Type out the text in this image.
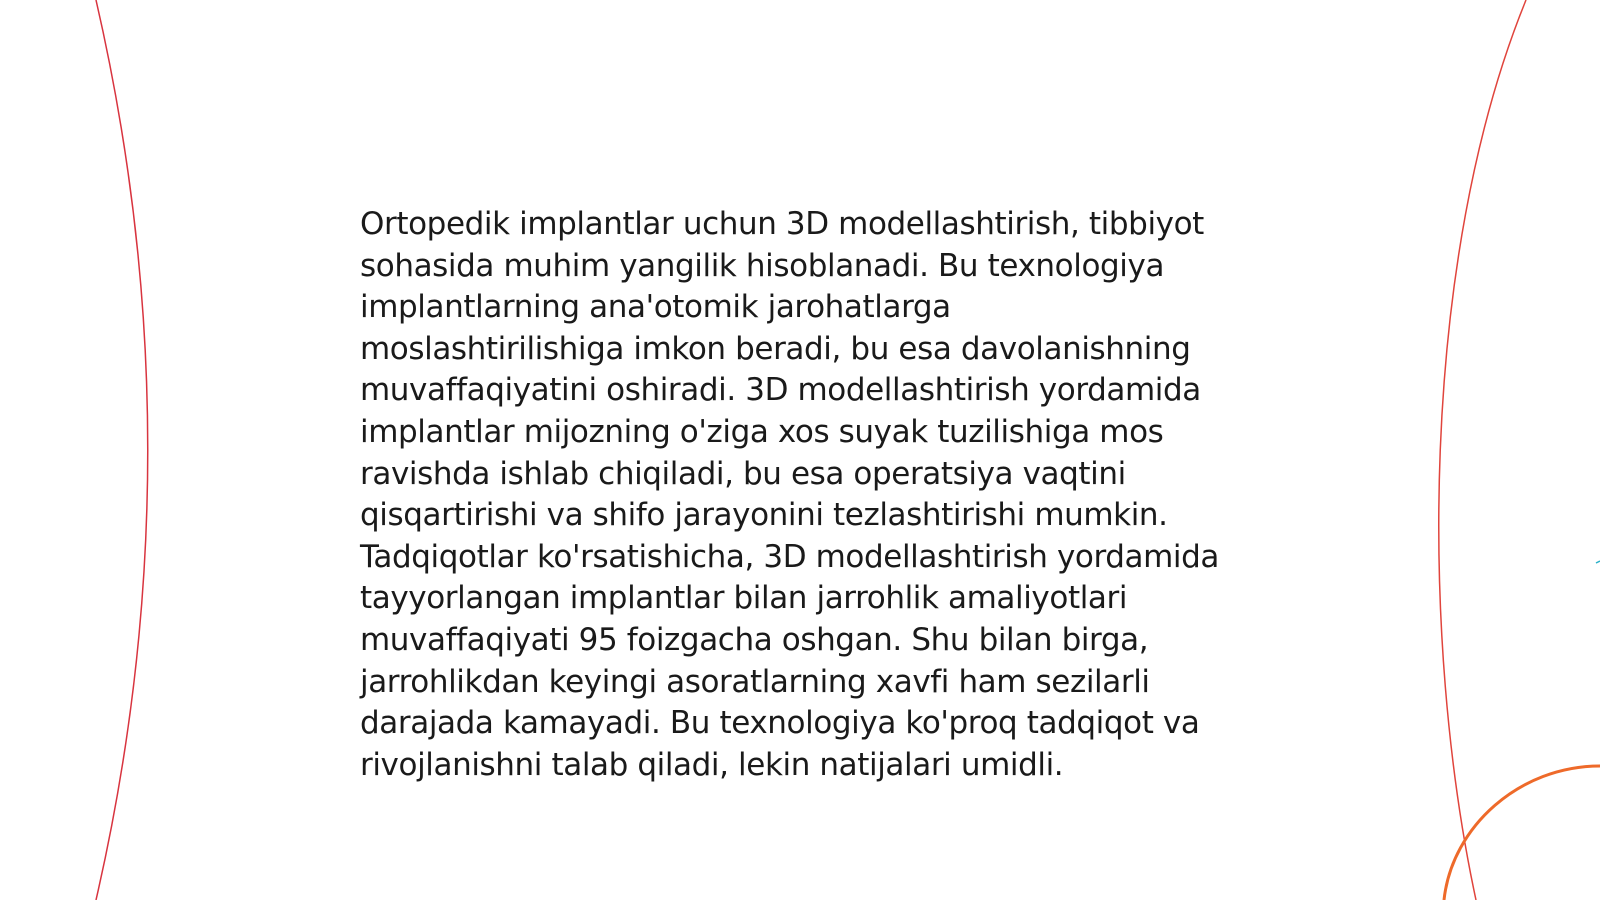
Ortopedik implantlar uchun 3D modellashtirish, tibbiyot sohasida muhim yangilik hisoblanadi. Bu texnologiya implantlarning ana'otomik jarohatlarga moslashtirilishiga imkon beradi, bu esa davolanishning muvaffaqiyatini oshiradi. 3D modellashtirish yordamida implantlar mijozning o'ziga xos suyak tuzilishiga mos ravishda ishlab chiqiladi, bu esa operatsiya vaqtini qisqartirishi va shifo jarayonini tezlashtirishi mumkin. Tadqiqotlar ko'rsatishicha, 3D modellashtirish yordamida tayyorlangan implantlar bilan jarrohlik amaliyotlari muvaffaqiyati 95 foizgacha oshgan. Shu bilan birga, jarrohlikdan keyingi asoratlarning xavfi ham sezilarli darajada kamayadi. Bu texnologiya ko'proq tadqiqot va rivojlanishni talab qiladi, lekin natijalari umidli.
